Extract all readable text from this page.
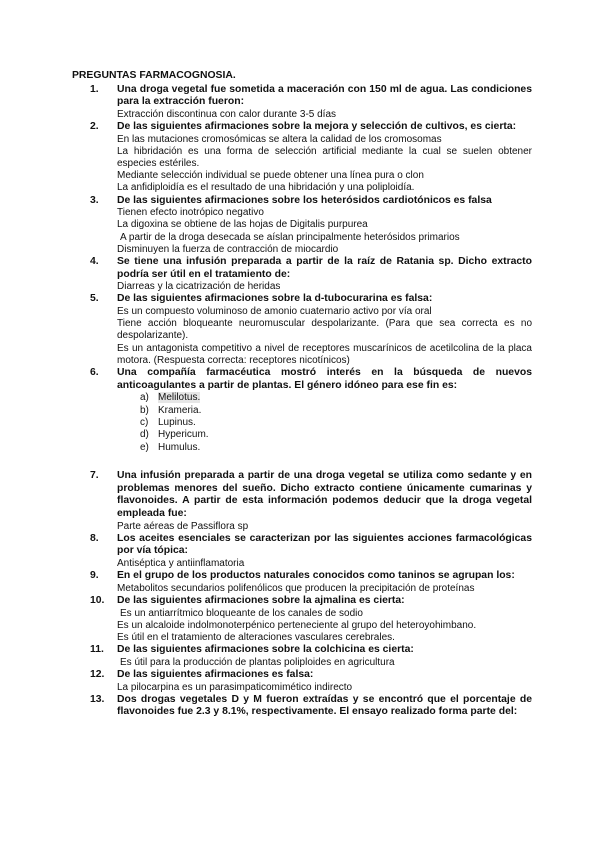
PREGUNTAS FARMACOGNOSIA.
1.	Una droga vegetal fue sometida a maceración con 150 ml de agua. Las condiciones para la extracción fueron:
Extracción discontinua con calor durante 3-5 días
2.	De las siguientes afirmaciones sobre la mejora y selección de cultivos, es cierta:
En las mutaciones cromosómicas se altera la calidad de los cromosomas
La hibridación es una forma de selección artificial mediante la cual se suelen obtener especies estériles.
Mediante selección individual se puede obtener una línea pura o clon
La anfidiploidía es el resultado de una hibridación y una poliploidía.
3.	De las siguientes afirmaciones sobre los heterósidos cardiotónicos es falsa
Tienen efecto inotrópico negativo
La digoxina se obtiene de las hojas de Digitalis purpurea
A partir de la droga desecada se aíslan principalmente heterósidos primarios
Disminuyen la fuerza de contracción de miocardio
4.	Se tiene una infusión preparada a partir de la raíz de Ratania sp. Dicho extracto podría ser útil en el tratamiento de:
Diarreas y la cicatrización de heridas
5.	De las siguientes afirmaciones sobre la d-tubocurarina es falsa:
Es un compuesto voluminoso de amonio cuaternario activo por vía oral
Tiene acción bloqueante neuromuscular despolarizante. (Para que sea correcta es no despolarizante).
Es un antagonista competitivo a nivel de receptores muscarínicos de acetilcolina de la placa motora. (Respuesta correcta: receptores nicotínicos)
6.	Una compañía farmacéutica mostró interés en la búsqueda de nuevos anticoagulantes a partir de plantas. El género idóneo para ese fin es:
a) Melilotus.
b) Krameria.
c) Lupinus.
d) Hypericum.
e) Humulus.
7.	Una infusión preparada a partir de una droga vegetal se utiliza como sedante y en problemas menores del sueño. Dicho extracto contiene únicamente cumarinas y flavonoides. A partir de esta información podemos deducir que la droga vegetal empleada fue:
Parte aéreas de Passiflora sp
8.	Los aceites esenciales se caracterizan por las siguientes acciones farmacológicas por vía tópica:
Antiséptica y antiinflamatoria
9.	En el grupo de los productos naturales conocidos como taninos se agrupan los:
Metabolitos secundarios polifenólicos que producen la precipitación de proteínas
10.	De las siguientes afirmaciones sobre la ajmalina es cierta:
Es un antiarrítmico bloqueante de los canales de sodio
Es un alcaloide indolmonoterpénico perteneciente al grupo del heteroyohimbano.
Es útil en el tratamiento de alteraciones vasculares cerebrales.
11.	De las siguientes afirmaciones sobre la colchicina es cierta:
Es útil para la producción de plantas poliploides en agricultura
12.	De las siguientes afirmaciones es falsa:
La pilocarpina es un parasimpaticomimético indirecto
13.	Dos drogas vegetales D y M fueron extraídas y se encontró que el porcentaje de flavonoides fue 2.3 y 8.1%, respectivamente. El ensayo realizado forma parte del:
